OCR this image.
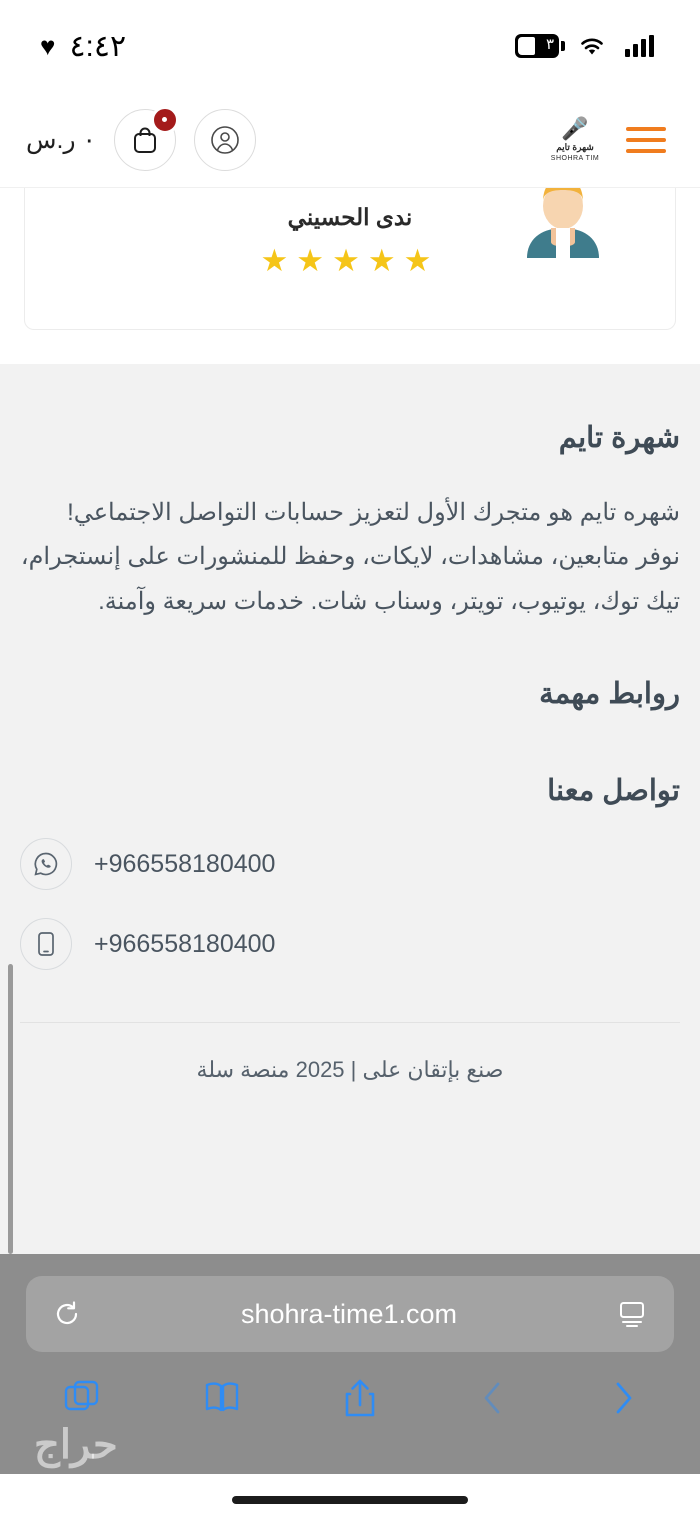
♥ ٤:٤٢	٣
🎤
شهرة تايم
SHOHRA TIM
٠ ر.س
ندى الحسيني
★★★★★
شهرة تايم

شهره تايم هو متجرك الأول لتعزيز حسابات التواصل الاجتماعي! نوفر متابعين، مشاهدات، لايكات، وحفظ للمنشورات على إنستجرام، تيك توك، يوتيوب، تويتر، وسناب شات. خدمات سريعة وآمنة.

روابط مهمة
تواصل معنا
+966558180400
+966558180400
صنع بإتقان على | 2025 منصة سلة
shohra-time1.com
حراج
